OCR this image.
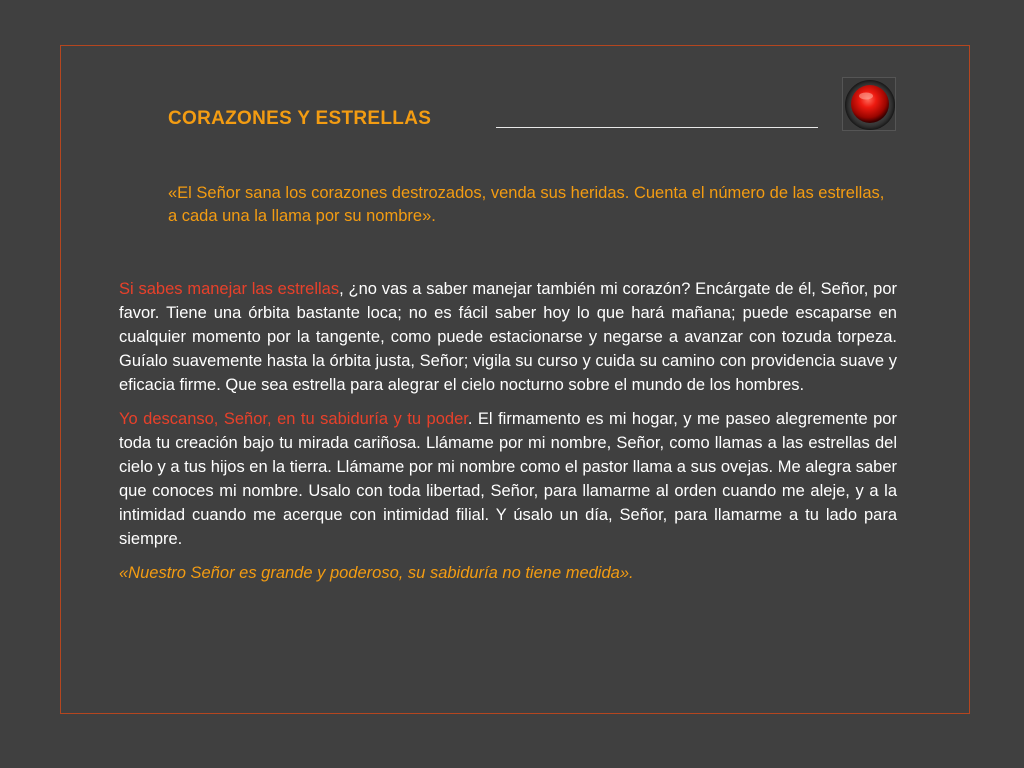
CORAZONES Y ESTRELLAS
«El Señor sana los corazones destrozados, venda sus heridas. Cuenta el número de las estrellas, a cada una la llama por su nombre».

Si sabes manejar las estrellas, ¿no vas a saber manejar también mi corazón? Encárgate de él, Señor, por favor. Tiene una órbita bastante loca; no es fácil saber hoy lo que hará mañana; puede escaparse en cualquier momento por la tangente, como puede estacionarse y negarse a avanzar con tozuda torpeza. Guíalo suavemente hasta la órbita justa, Señor; vigila su curso y cuida su camino con providencia suave y eficacia firme. Que sea estrella para alegrar el cielo nocturno sobre el mundo de los hombres.

Yo descanso, Señor, en tu sabiduría y tu poder. El firmamento es mi hogar, y me paseo alegremente por toda tu creación bajo tu mirada cariñosa. Llámame por mi nombre, Señor, como llamas a las estrellas del cielo y a tus hijos en la tierra. Llámame por mi nombre como el pastor llama a sus ovejas. Me alegra saber que conoces mi nombre. Usalo con toda libertad, Señor, para llamarme al orden cuando me aleje, y a la intimidad cuando me acerque con intimidad filial. Y úsalo un día, Señor, para llamarme a tu lado para siempre.

«Nuestro Señor es grande y poderoso, su sabiduría no tiene medida».
